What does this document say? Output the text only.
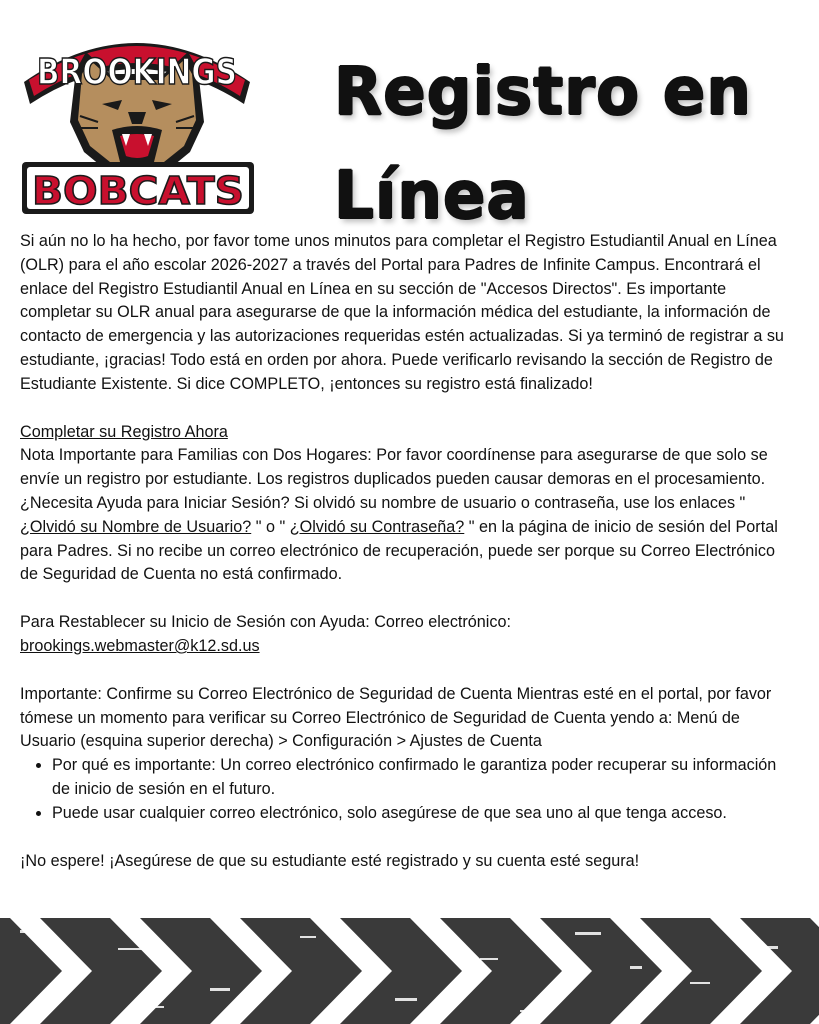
BROOKINGS
BOBCATS
Registro en
Línea

Si aún no lo ha hecho, por favor tome unos minutos para completar el Registro Estudiantil Anual en Línea (OLR) para el año escolar 2026-2027 a través del Portal para Padres de Infinite Campus. Encontrará el enlace del Registro Estudiantil Anual en Línea en su sección de "Accesos Directos". Es importante completar su OLR anual para asegurarse de que la información médica del estudiante, la información de contacto de emergencia y las autorizaciones requeridas estén actualizadas. Si ya terminó de registrar a su estudiante, ¡gracias! Todo está en orden por ahora. Puede verificarlo revisando la sección de Registro de Estudiante Existente. Si dice COMPLETO, ¡entonces su registro está finalizado!

Completar su Registro Ahora

Nota Importante para Familias con Dos Hogares: Por favor coordínense para asegurarse de que solo se envíe un registro por estudiante. Los registros duplicados pueden causar demoras en el procesamiento.

¿Necesita Ayuda para Iniciar Sesión? Si olvidó su nombre de usuario o contraseña, use los enlaces " ¿Olvidó su Nombre de Usuario? " o " ¿Olvidó su Contraseña? " en la página de inicio de sesión del Portal para Padres. Si no recibe un correo electrónico de recuperación, puede ser porque su Correo Electrónico de Seguridad de Cuenta no está confirmado.

Para Restablecer su Inicio de Sesión con Ayuda: Correo electrónico:

brookings.webmaster@k12.sd.us

Importante: Confirme su Correo Electrónico de Seguridad de Cuenta Mientras esté en el portal, por favor tómese un momento para verificar su Correo Electrónico de Seguridad de Cuenta yendo a: Menú de Usuario (esquina superior derecha) > Configuración > Ajustes de Cuenta

• Por qué es importante: Un correo electrónico confirmado le garantiza poder recuperar su información de inicio de sesión en el futuro.
• Puede usar cualquier correo electrónico, solo asegúrese de que sea uno al que tenga acceso.

¡No espere! ¡Asegúrese de que su estudiante esté registrado y su cuenta esté segura!
